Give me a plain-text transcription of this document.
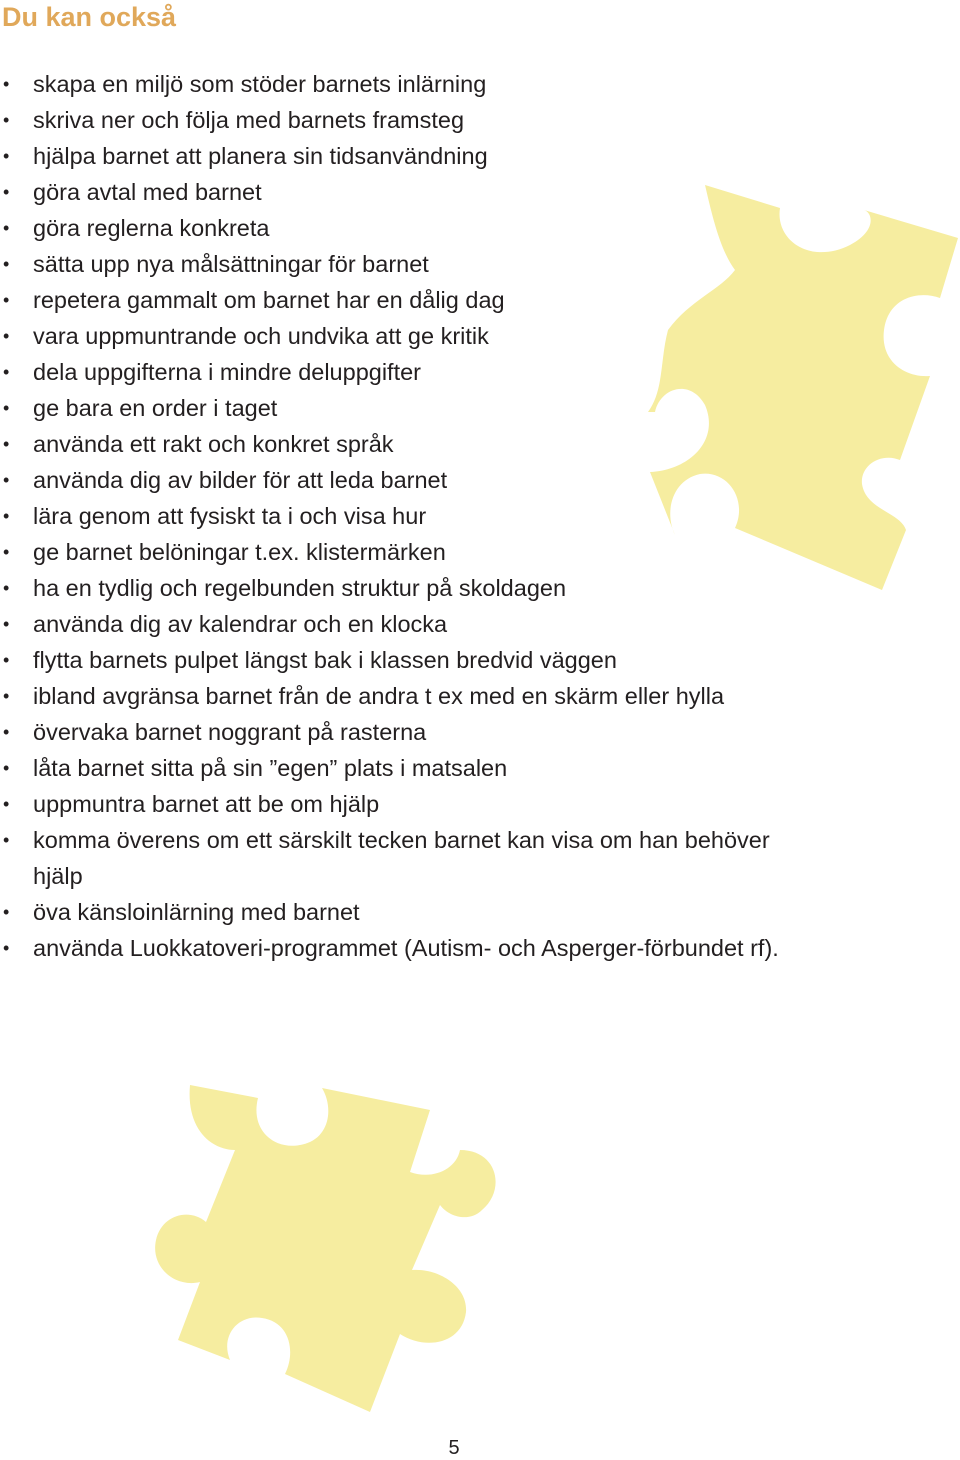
Du kan också
• skapa en miljö som stöder barnets inlärning
• skriva ner och följa med barnets framsteg
• hjälpa barnet att planera sin tidsanvändning
• göra avtal med barnet
• göra reglerna konkreta
• sätta upp nya målsättningar för barnet
• repetera gammalt om barnet har en dålig dag
• vara uppmuntrande och undvika att ge kritik
• dela uppgifterna i mindre deluppgifter
• ge bara en order i taget
• använda ett rakt och konkret språk
• använda dig av bilder för att leda barnet
• lära genom att fysiskt ta i och visa hur
• ge barnet belöningar t.ex. klistermärken
• ha en tydlig och regelbunden struktur på skoldagen
• använda dig av kalendrar och en klocka
• flytta barnets pulpet längst bak i klassen bredvid väggen
• ibland avgränsa barnet från de andra t ex med en skärm eller hylla
• övervaka barnet noggrant på rasterna
• låta barnet sitta på sin ”egen” plats i matsalen
• uppmuntra barnet att be om hjälp
• komma överens om ett särskilt tecken barnet kan visa om han behöver hjälp
• öva känsloinlärning med barnet
• använda Luokkatoveri-programmet (Autism- och Asperger-förbundet rf).
5
